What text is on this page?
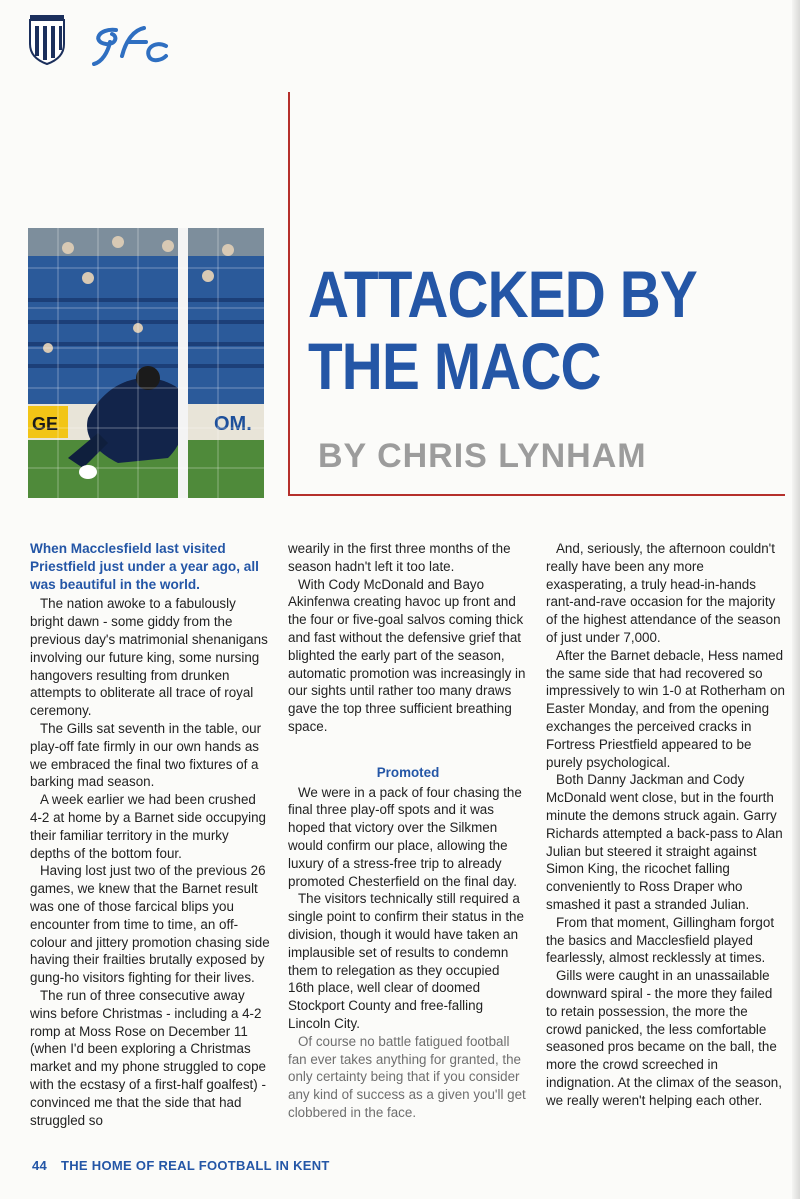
GE	OM.
ATTACKED BY
THE MACC

BY CHRIS LYNHAM

When Macclesfield last visited Priestfield just under a year ago, all was beautiful in the world.

The nation awoke to a fabulously bright dawn - some giddy from the previous day's matrimonial shenanigans involving our future king, some nursing hangovers resulting from drunken attempts to obliterate all trace of royal ceremony.

The Gills sat seventh in the table, our play-off fate firmly in our own hands as we embraced the final two fixtures of a barking mad season.

A week earlier we had been crushed 4-2 at home by a Barnet side occupying their familiar territory in the murky depths of the bottom four.

Having lost just two of the previous 26 games, we knew that the Barnet result was one of those farcical blips you encounter from time to time, an off-colour and jittery promotion chasing side having their frailties brutally exposed by gung-ho visitors fighting for their lives.

The run of three consecutive away wins before Christmas - including a 4-2 romp at Moss Rose on December 11 (when I'd been exploring a Christmas market and my phone struggled to cope with the ecstasy of a first-half goalfest) - convinced me that the side that had struggled so

wearily in the first three months of the season hadn't left it too late.

With Cody McDonald and Bayo Akinfenwa creating havoc up front and the four or five-goal salvos coming thick and fast without the defensive grief that blighted the early part of the season, automatic promotion was increasingly in our sights until rather too many draws gave the top three sufficient breathing space.

Promoted

We were in a pack of four chasing the final three play-off spots and it was hoped that victory over the Silkmen would confirm our place, allowing the luxury of a stress-free trip to already promoted Chesterfield on the final day.

The visitors technically still required a single point to confirm their status in the division, though it would have taken an implausible set of results to condemn them to relegation as they occupied 16th place, well clear of doomed Stockport County and free-falling Lincoln City.

Of course no battle fatigued football fan ever takes anything for granted, the only certainty being that if you consider any kind of success as a given you'll get clobbered in the face.

And, seriously, the afternoon couldn't really have been any more exasperating, a truly head-in-hands rant-and-rave occasion for the majority of the highest attendance of the season of just under 7,000.

After the Barnet debacle, Hess named the same side that had recovered so impressively to win 1-0 at Rotherham on Easter Monday, and from the opening exchanges the perceived cracks in Fortress Priestfield appeared to be purely psychological.

Both Danny Jackman and Cody McDonald went close, but in the fourth minute the demons struck again. Garry Richards attempted a back-pass to Alan Julian but steered it straight against Simon King, the ricochet falling conveniently to Ross Draper who smashed it past a stranded Julian.

From that moment, Gillingham forgot the basics and Macclesfield played fearlessly, almost recklessly at times.

Gills were caught in an unassailable downward spiral - the more they failed to retain possession, the more the crowd panicked, the less comfortable seasoned pros became on the ball, the more the crowd screeched in indignation. At the climax of the season, we really weren't helping each other.

44 THE HOME OF REAL FOOTBALL IN KENT
